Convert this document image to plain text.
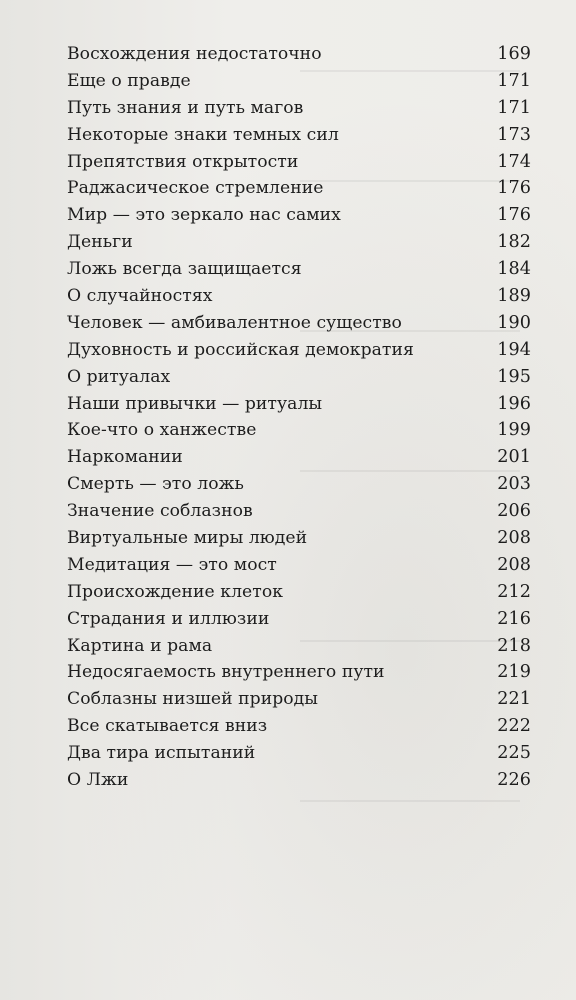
Восхождения недостаточно	169
Еще о правде	171
Путь знания и путь магов	171
Некоторые знаки темных сил	173
Препятствия открытости	174
Раджасическое стремление	176
Мир — это зеркало нас самих	176
Деньги	182
Ложь всегда защищается	184
О случайностях	189
Человек — амбивалентное существо	190
Духовность и российская демократия	194
О ритуалах	195
Наши привычки — ритуалы	196
Кое-что о ханжестве	199
Наркомании	201
Смерть — это ложь	203
Значение соблазнов	206
Виртуальные миры людей	208
Медитация — это мост	208
Происхождение клеток	212
Страдания и иллюзии	216
Картина и рама	218
Недосягаемость внутреннего пути	219
Соблазны низшей природы	221
Все скатывается вниз	222
Два тира испытаний	225
О Лжи	226
